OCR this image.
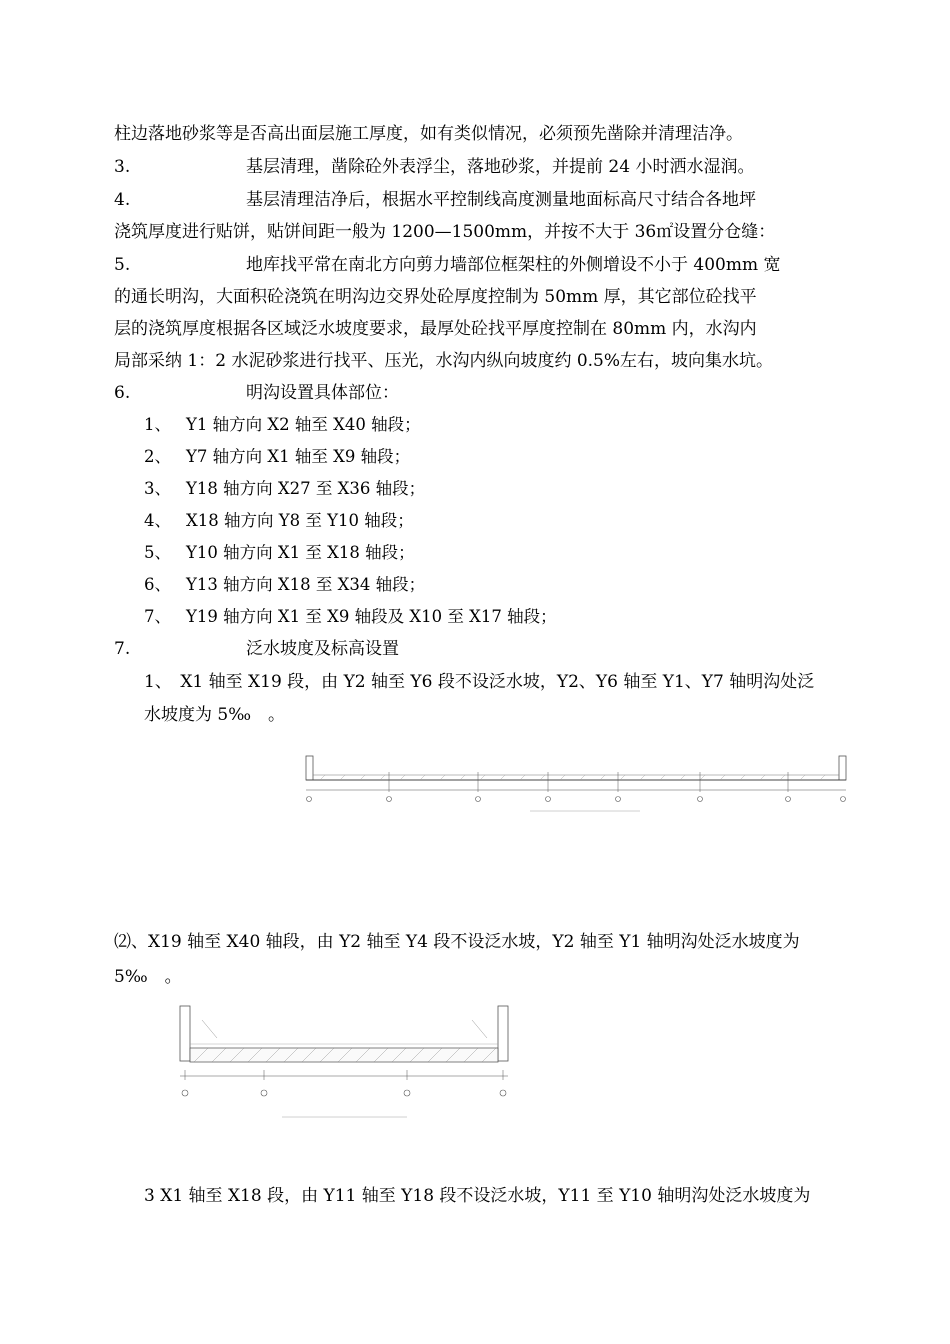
柱边落地砂浆等是否高出面层施工厚度，如有类似情况，必须预先凿除并清理洁净。
3.	基层清理，凿除砼外表浮尘，落地砂浆，并提前 24 小时洒水湿润。
4.	基层清理洁净后，根据水平控制线高度测量地面标高尺寸结合各地坪
浇筑厚度进行贴饼，贴饼间距一般为 1200—1500mm，并按不大于 36㎡设置分仓缝：
5.	地库找平常在南北方向剪力墙部位框架柱的外侧增设不小于 400mm 宽
的通长明沟，大面积砼浇筑在明沟边交界处砼厚度控制为 50mm 厚，其它部位砼找平
层的浇筑厚度根据各区域泛水坡度要求，最厚处砼找平厚度控制在 80mm 内，水沟内
局部采纳 1：2 水泥砂浆进行找平、压光，水沟内纵向坡度约 0.5%左右，坡向集水坑。
6.	明沟设置具体部位：
1、 Y1 轴方向 X2 轴至 X40 轴段；
2、 Y7 轴方向 X1 轴至 X9 轴段；
3、 Y18 轴方向 X27 至 X36 轴段；
4、 X18 轴方向 Y8 至 Y10 轴段；
5、 Y10 轴方向 X1 至 X18 轴段；
6、 Y13 轴方向 X18 至 X34 轴段；
7、 Y19 轴方向 X1 至 X9 轴段及 X10 至 X17 轴段；
7.	泛水坡度及标高设置
1、　X1 轴至 X19 段，由 Y2 轴至 Y6 段不设泛水坡，Y2、Y6 轴至 Y1、Y7 轴明沟处泛
水坡度为 5‰　。
⑵、X19 轴至 X40 轴段，由 Y2 轴至 Y4 段不设泛水坡，Y2 轴至 Y1 轴明沟处泛水坡度为
5‰　。
3 X1 轴至 X18 段，由 Y11 轴至 Y18 段不设泛水坡，Y11 至 Y10 轴明沟处泛水坡度为
